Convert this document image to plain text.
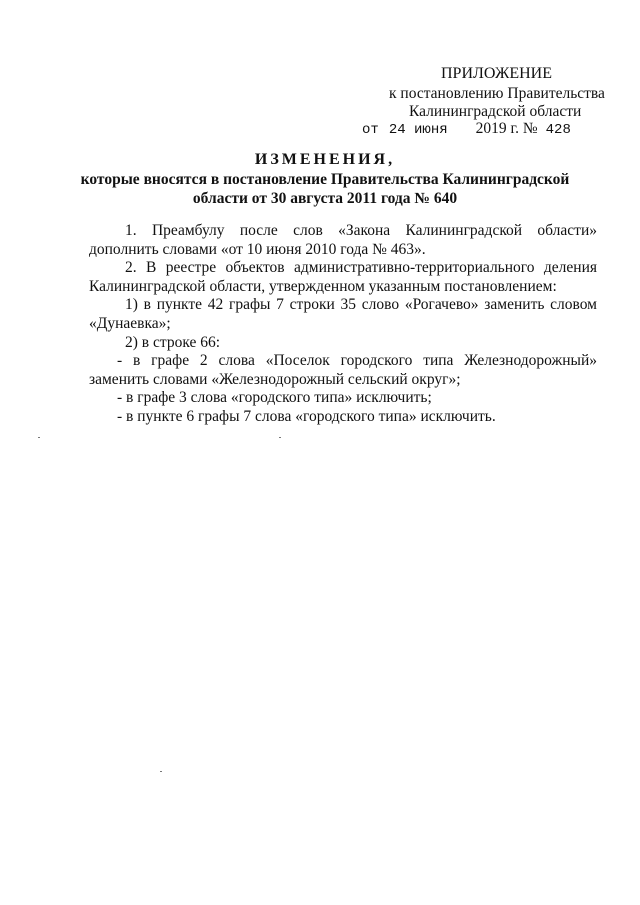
ПРИЛОЖЕНИЕ
к постановлению Правительства
Калининградской области
от 24 июня 2019 г. № 428
ИЗМЕНЕНИЯ,
которые вносятся в постановление Правительства Калининградской
области от 30 августа 2011 года № 640

1. Преамбулу после слов «Закона Калининградской области» дополнить словами «от 10 июня 2010 года № 463».

2. В реестре объектов административно-территориального деления Калининградской области, утвержденном указанным постановлением:

1) в пункте 42 графы 7 строки 35 слово «Рогачево» заменить словом «Дунаевка»;

2) в строке 66:

- в графе 2 слова «Поселок городского типа Железнодорожный» заменить словами «Железнодорожный сельский округ»;

- в графе 3 слова «городского типа» исключить;

- в пункте 6 графы 7 слова «городского типа» исключить.
